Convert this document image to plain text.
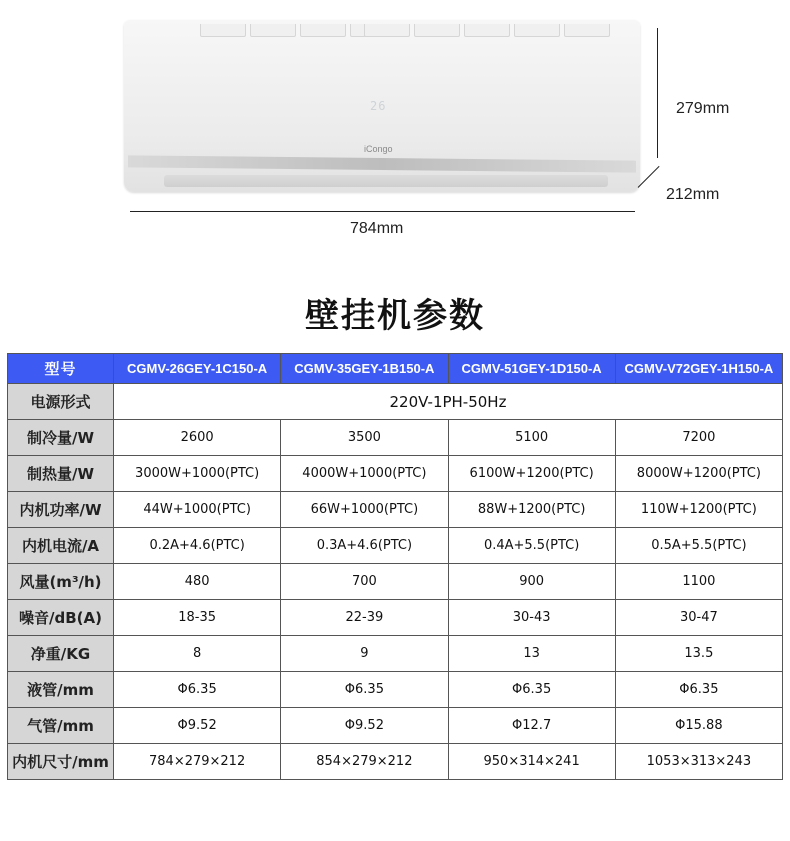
26
iCongo
279mm
212mm
784mm
壁挂机参数
型号	CGMV-26GEY-1C150-A	CGMV-35GEY-1B150-A	CGMV-51GEY-1D150-A	CGMV-V72GEY-1H150-A
电源形式	220V-1PH-50Hz			
制冷量/W	2600	3500	5100	7200
制热量/W	3000W+1000(PTC)	4000W+1000(PTC)	6100W+1200(PTC)	8000W+1200(PTC)
内机功率/W	44W+1000(PTC)	66W+1000(PTC)	88W+1200(PTC)	110W+1200(PTC)
内机电流/A	0.2A+4.6(PTC)	0.3A+4.6(PTC)	0.4A+5.5(PTC)	0.5A+5.5(PTC)
风量(m³/h)	480	700	900	1100
噪音/dB(A)	18-35	22-39	30-43	30-47
净重/KG	8	9	13	13.5
液管/mm	Φ6.35	Φ6.35	Φ6.35	Φ6.35
气管/mm	Φ9.52	Φ9.52	Φ12.7	Φ15.88
内机尺寸/mm	784×279×212	854×279×212	950×314×241	1053×313×243
